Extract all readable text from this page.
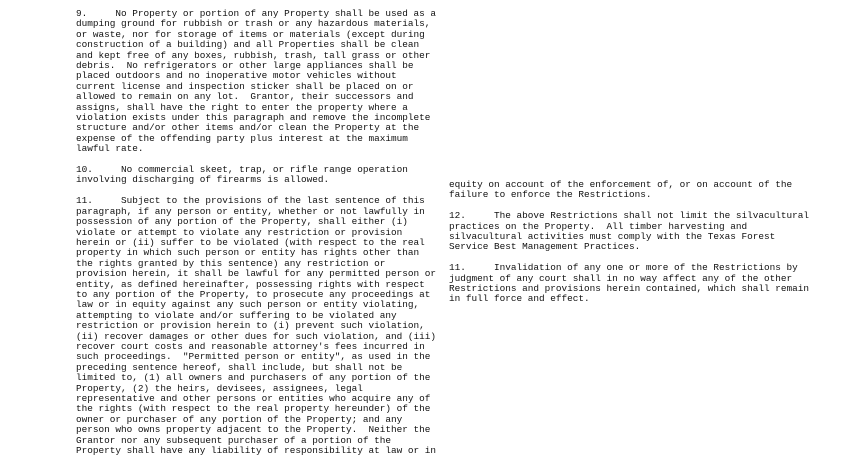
9.     No Property or portion of any Property shall be used as a
dumping ground for rubbish or trash or any hazardous materials,
or waste, nor for storage of items or materials (except during
construction of a building) and all Properties shall be clean
and kept free of any boxes, rubbish, trash, tall grass or other
debris.  No refrigerators or other large appliances shall be
placed outdoors and no inoperative motor vehicles without
current license and inspection sticker shall be placed on or
allowed to remain on any lot.  Grantor, their successors and
assigns, shall have the right to enter the property where a
violation exists under this paragraph and remove the incomplete
structure and/or other items and/or clean the Property at the
expense of the offending party plus interest at the maximum
lawful rate.
10.     No commercial skeet, trap, or rifle range operation
involving discharging of firearms is allowed.
11.     Subject to the provisions of the last sentence of this
paragraph, if any person or entity, whether or not lawfully in
possession of any portion of the Property, shall either (i)
violate or attempt to violate any restriction or provision
herein or (ii) suffer to be violated (with respect to the real
property in which such person or entity has rights other than
the rights granted by this sentence) any restriction or
provision herein, it shall be lawful for any permitted person or
entity, as defined hereinafter, possessing rights with respect
to any portion of the Property, to prosecute any proceedings at
law or in equity against any such person or entity violating,
attempting to violate and/or suffering to be violated any
restriction or provision herein to (i) prevent such violation,
(ii) recover damages or other dues for such violation, and (iii)
recover court costs and reasonable attorney's fees incurred in
such proceedings.  "Permitted person or entity", as used in the
preceding sentence hereof, shall include, but shall not be
limited to, (1) all owners and purchasers of any portion of the
Property, (2) the heirs, devisees, assignees, legal
representative and other persons or entities who acquire any of
the rights (with respect to the real property hereunder) of the
owner or purchaser of any portion of the Property; and any
person who owns property adjacent to the Property.  Neither the
Grantor nor any subsequent purchaser of a portion of the
Property shall have any liability of responsibility at law or in
equity on account of the enforcement of, or on account of the
failure to enforce the Restrictions.
12.     The above Restrictions shall not limit the silvacultural
practices on the Property.  All timber harvesting and
silvacultural activities must comply with the Texas Forest
Service Best Management Practices.
11.     Invalidation of any one or more of the Restrictions by
judgment of any court shall in no way affect any of the other
Restrictions and provisions herein contained, which shall remain
in full force and effect.
